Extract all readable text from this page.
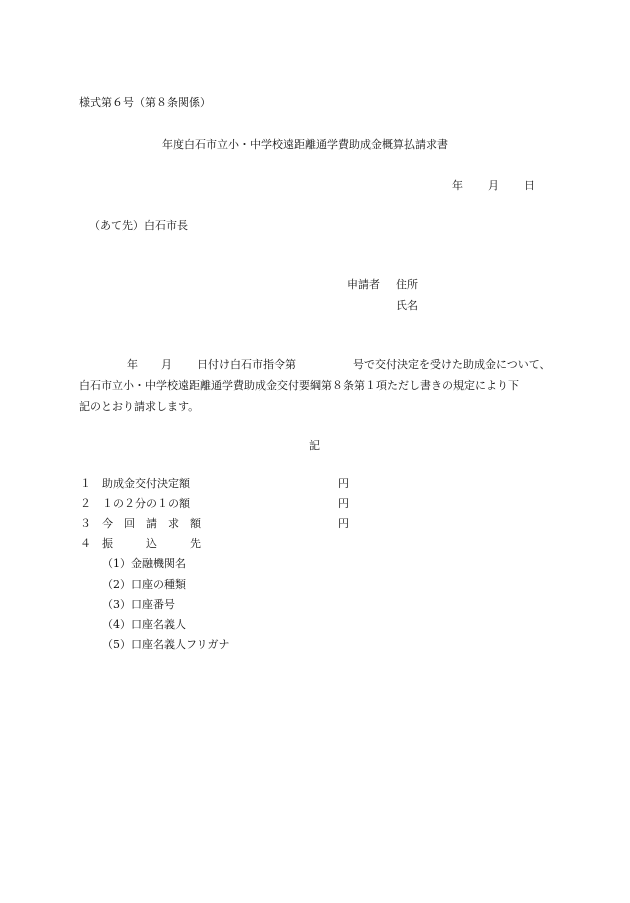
様式第６号（第８条関係）
年度白石市立小・中学校遠距離通学費助成金概算払請求書
年 月 日
（あて先）白石市長
申請者 住所
氏名
年 月 日付け白石市指令第	号で交付決定を受けた助成金について、
白石市立小・中学校遠距離通学費助成金交付要綱第８条第１項ただし書きの規定により下
記のとおり請求します。
記
１ 助成金交付決定額	円
２ １の２分の１の額	円
３ 今　回　請　求　額	円
４ 振　　　込　　　先
（1）金融機関名
（2）口座の種類
（3）口座番号
（4）口座名義人
（5）口座名義人フリガナ
